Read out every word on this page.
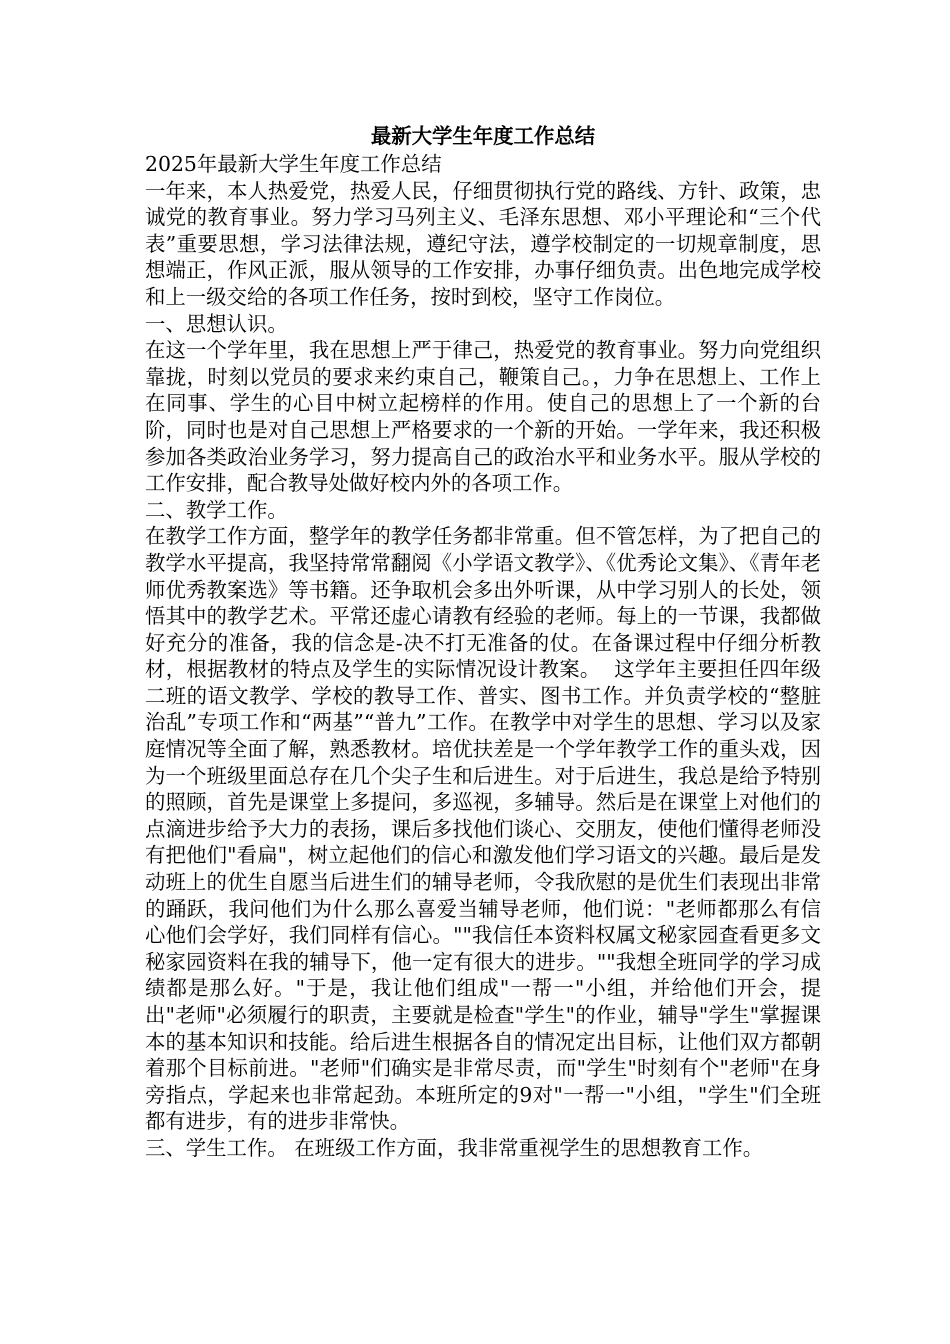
最新大学生年度工作总结

2025年最新大学生年度工作总结

一年来，本人热爱党，热爱人民，仔细贯彻执行党的路线、方针、政策，忠诚党的教育事业。努力学习马列主义、毛泽东思想、邓小平理论和“三个代表”重要思想，学习法律法规，遵纪守法，遵学校制定的一切规章制度，思想端正，作风正派，服从领导的工作安排，办事仔细负责。出色地完成学校和上一级交给的各项工作任务，按时到校，坚守工作岗位。

一、思想认识。

在这一个学年里，我在思想上严于律己，热爱党的教育事业。努力向党组织靠拢，时刻以党员的要求来约束自己，鞭策自己。，力争在思想上、工作上在同事、学生的心目中树立起榜样的作用。使自己的思想上了一个新的台阶，同时也是对自己思想上严格要求的一个新的开始。一学年来，我还积极参加各类政治业务学习，努力提高自己的政治水平和业务水平。服从学校的工作安排，配合教导处做好校内外的各项工作。

二、教学工作。

在教学工作方面，整学年的教学任务都非常重。但不管怎样，为了把自己的教学水平提高，我坚持常常翻阅《小学语文教学》、《优秀论文集》、《青年老师优秀教案选》等书籍。还争取机会多出外听课，从中学习别人的长处，领悟其中的教学艺术。平常还虚心请教有经验的老师。每上的一节课，我都做好充分的准备，我的信念是-决不打无准备的仗。在备课过程中仔细分析教材，根据教材的特点及学生的实际情况设计教案。  这学年主要担任四年级二班的语文教学、学校的教导工作、普实、图书工作。并负责学校的“整脏治乱”专项工作和“两基”“普九”工作。在教学中对学生的思想、学习以及家庭情况等全面了解，熟悉教材。培优扶差是一个学年教学工作的重头戏，因为一个班级里面总存在几个尖子生和后进生。对于后进生，我总是给予特别的照顾，首先是课堂上多提问，多巡视，多辅导。然后是在课堂上对他们的点滴进步给予大力的表扬，课后多找他们谈心、交朋友，使他们懂得老师没有把他们"看扁"，树立起他们的信心和激发他们学习语文的兴趣。最后是发动班上的优生自愿当后进生们的辅导老师，令我欣慰的是优生们表现出非常的踊跃，我问他们为什么那么喜爱当辅导老师，他们说："老师都那么有信心他们会学好，我们同样有信心。""我信任本资料权属文秘家园查看更多文秘家园资料在我的辅导下，他一定有很大的进步。""我想全班同学的学习成绩都是那么好。"于是，我让他们组成"一帮一"小组，并给他们开会，提出"老师"必须履行的职责，主要就是检查"学生"的作业，辅导"学生"掌握课本的基本知识和技能。给后进生根据各自的情况定出目标，让他们双方都朝着那个目标前进。"老师"们确实是非常尽责，而"学生"时刻有个"老师"在身旁指点，学起来也非常起劲。本班所定的9对"一帮一"小组，"学生"们全班都有进步，有的进步非常快。

三、学生工作。 在班级工作方面，我非常重视学生的思想教育工作。
